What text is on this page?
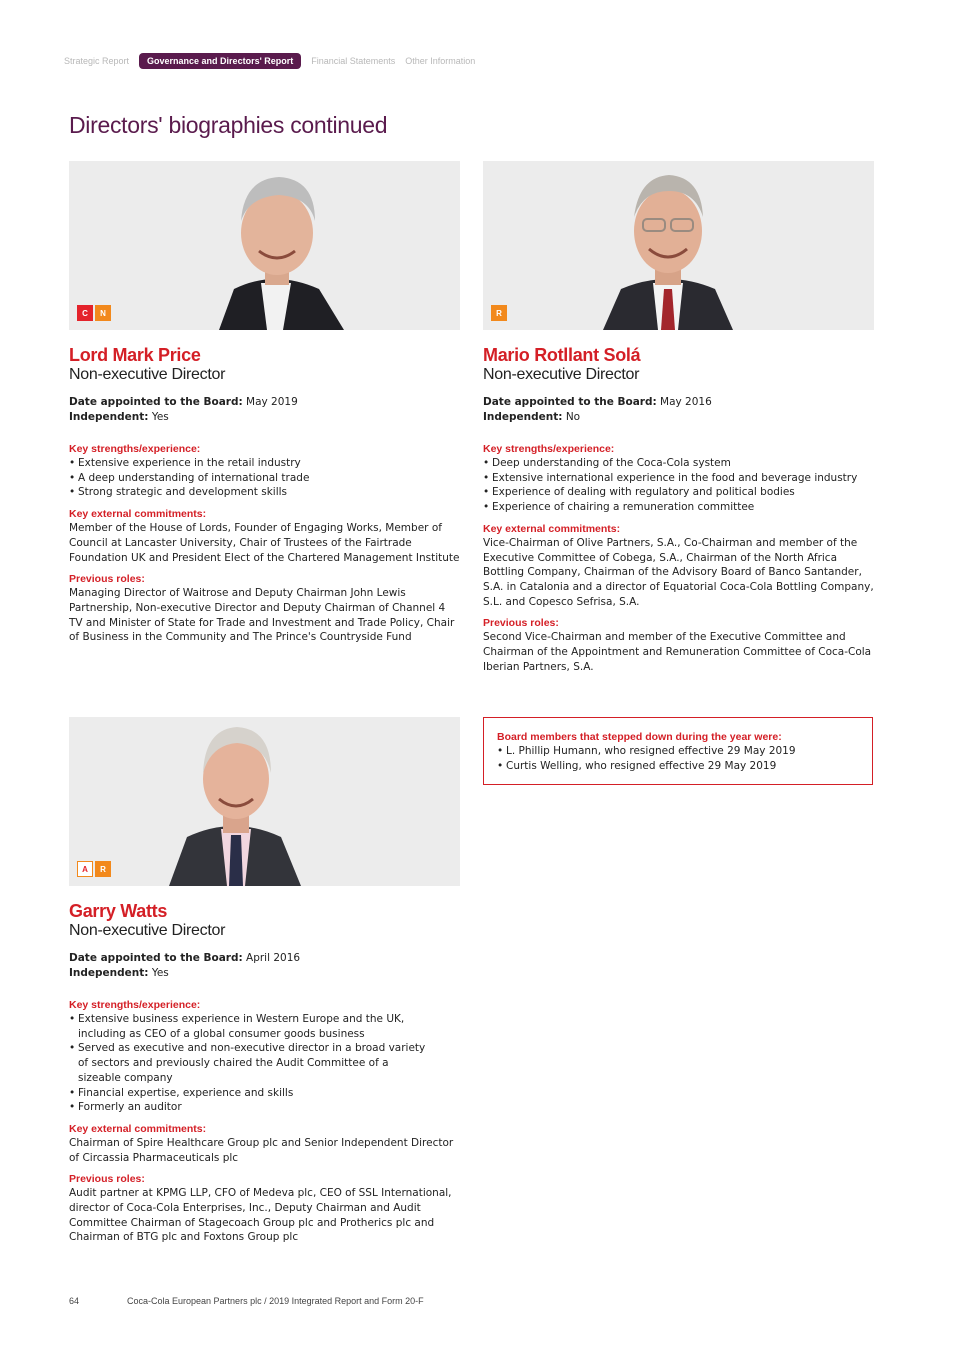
Strategic Report	Governance and Directors' Report	Financial Statements Other Information
Directors' biographies continued
C	N	R
Lord Mark Price
Non-executive Director
Date appointed to the Board: May 2019
Independent: Yes
Key strengths/experience:
• Extensive experience in the retail industry
• A deep understanding of international trade
• Strong strategic and development skills
Key external commitments:
Member of the House of Lords, Founder of Engaging Works, Member of Council at Lancaster University, Chair of Trustees of the Fairtrade Foundation UK and President Elect of the Chartered Management Institute
Previous roles:
Managing Director of Waitrose and Deputy Chairman John Lewis Partnership, Non-executive Director and Deputy Chairman of Channel 4 TV and Minister of State for Trade and Investment and Trade Policy, Chair of Business in the Community and The Prince's Countryside Fund
Mario Rotllant Solá
Non-executive Director
Date appointed to the Board: May 2016
Independent: No
Key strengths/experience:
• Deep understanding of the Coca-Cola system
• Extensive international experience in the food and beverage industry
• Experience of dealing with regulatory and political bodies
• Experience of chairing a remuneration committee
Key external commitments:
Vice-Chairman of Olive Partners, S.A., Co-Chairman and member of the Executive Committee of Cobega, S.A., Chairman of the North Africa Bottling Company, Chairman of the Advisory Board of Banco Santander, S.A. in Catalonia and a director of Equatorial Coca-Cola Bottling Company, S.L. and Copesco Sefrisa, S.A.
Previous roles:
Second Vice-Chairman and member of the Executive Committee and Chairman of the Appointment and Remuneration Committee of Coca-Cola Iberian Partners, S.A.
A	R
Board members that stepped down during the year were:
• L. Phillip Humann, who resigned effective 29 May 2019
• Curtis Welling, who resigned effective 29 May 2019
Garry Watts
Non-executive Director
Date appointed to the Board: April 2016
Independent: Yes
Key strengths/experience:
• Extensive business experience in Western Europe and the UK, including as CEO of a global consumer goods business
• Served as executive and non-executive director in a broad variety of sectors and previously chaired the Audit Committee of a sizeable company
• Financial expertise, experience and skills
• Formerly an auditor
Key external commitments:
Chairman of Spire Healthcare Group plc and Senior Independent Director of Circassia Pharmaceuticals plc
Previous roles:
Audit partner at KPMG LLP, CFO of Medeva plc, CEO of SSL International, director of Coca-Cola Enterprises, Inc., Deputy Chairman and Audit Committee Chairman of Stagecoach Group plc and Protherics plc and Chairman of BTG plc and Foxtons Group plc
64	Coca-Cola European Partners plc / 2019 Integrated Report and Form 20-F
